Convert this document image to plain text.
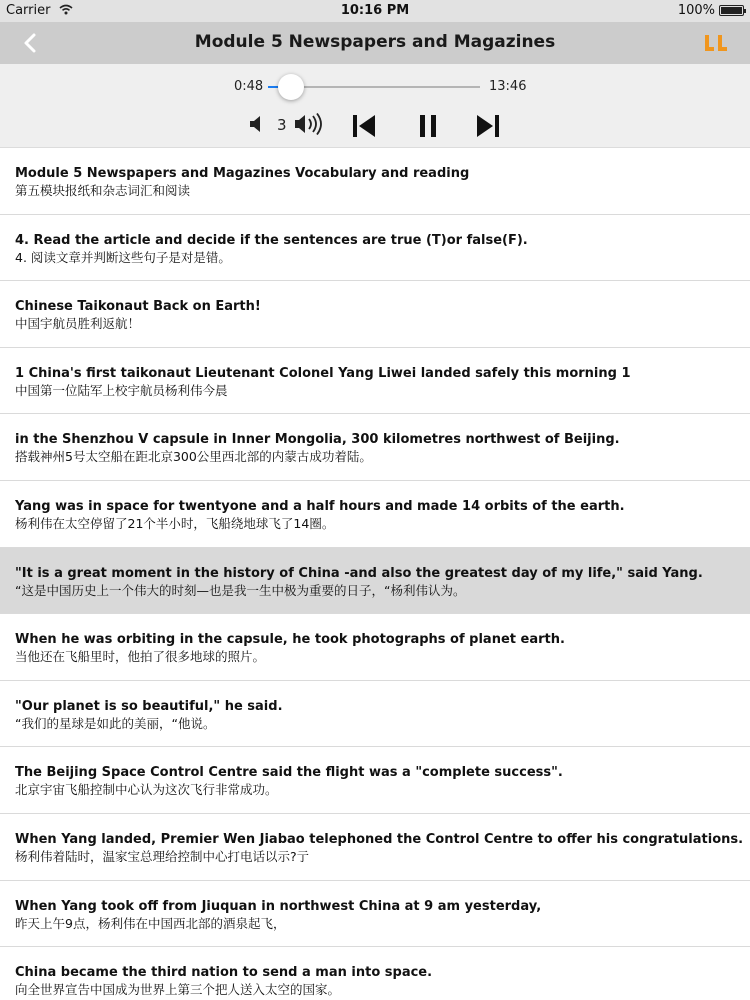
Carrier	10:16 PM	100%
Module 5 Newspapers and Magazines
0:48	13:46
3
Module 5 Newspapers and Magazines Vocabulary and reading
第五模块报纸和杂志词汇和阅读
4. Read the article and decide if the sentences are true (T)or false(F).
4. 阅读文章并判断这些句子是对是错。
Chinese Taikonaut Back on Earth!
中国宇航员胜利返航！
1 China's first taikonaut Lieutenant Colonel Yang Liwei landed safely this morning 1
中国第一位陆军上校宇航员杨利伟今晨
in the Shenzhou V capsule in Inner Mongolia, 300 kilometres northwest of Beijing.
搭载神州5号太空船在距北京300公里西北部的内蒙古成功着陆。
Yang was in space for twentyone and a half hours and made 14 orbits of the earth.
杨利伟在太空停留了21个半小时，飞船绕地球飞了14圈。
"It is a great moment in the history of China -and also the greatest day of my life," said Yang.
“这是中国历史上一个伟大的时刻—也是我一生中极为重要的日子，“杨利伟认为。
When he was orbiting in the capsule, he took photographs of planet earth.
当他还在飞船里时，他拍了很多地球的照片。
"Our planet is so beautiful," he said.
“我们的星球是如此的美丽，“他说。
The Beijing Space Control Centre said the flight was a "complete success".
北京宇宙飞船控制中心认为这次飞行非常成功。
When Yang landed, Premier Wen Jiabao telephoned the Control Centre to offer his congratulations.
杨利伟着陆时，温家宝总理给控制中心打电话以示?亍
When Yang took off from Jiuquan in northwest China at 9 am yesterday,
昨天上午9点，杨利伟在中国西北部的酒泉起飞，
China became the third nation to send a man into space.
向全世界宣告中国成为世界上第三个把人送入太空的国家。
